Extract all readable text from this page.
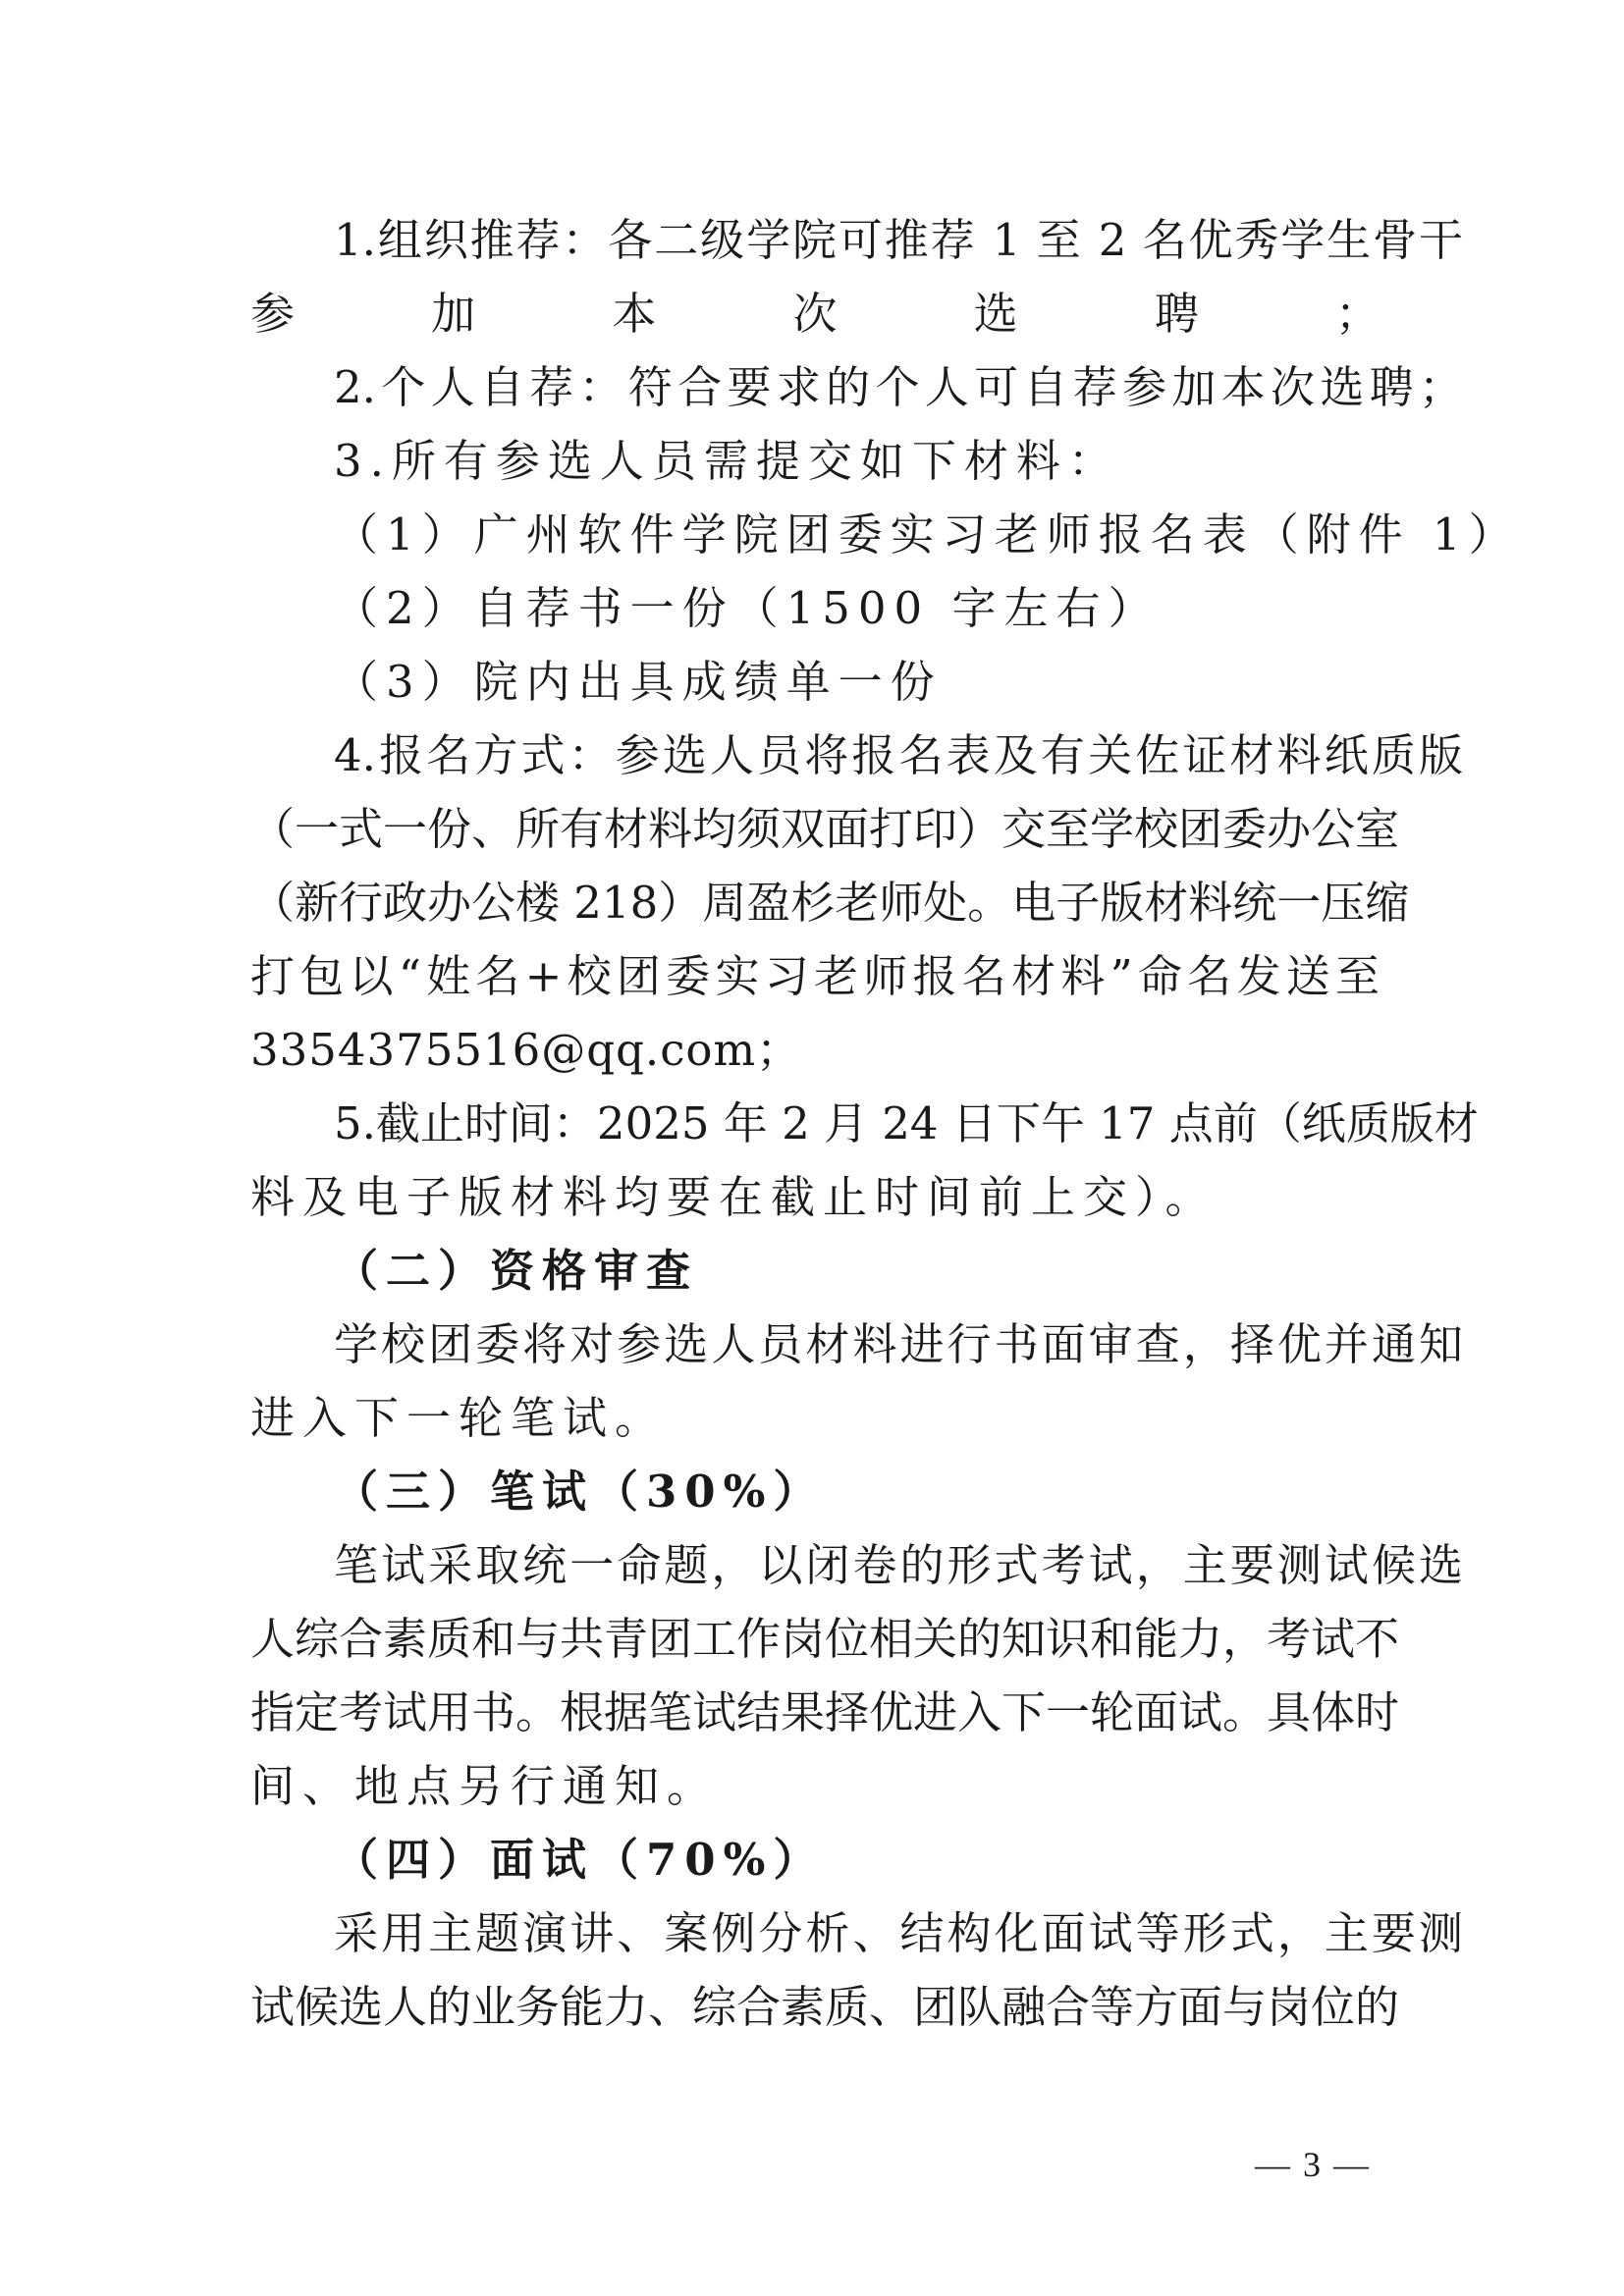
1.组织推荐：各二级学院可推荐 1 至 2 名优秀学生骨干
参加本次选聘；
2.个人自荐：符合要求的个人可自荐参加本次选聘；
3.所有参选人员需提交如下材料：
（1）广州软件学院团委实习老师报名表（附件 1）
（2）自荐书一份（1500 字左右）
（3）院内出具成绩单一份
4.报名方式：参选人员将报名表及有关佐证材料纸质版
（一式一份、所有材料均须双面打印）交至学校团委办公室
（新行政办公楼 218）周盈杉老师处。电子版材料统一压缩
打包以“姓名+校团委实习老师报名材料”命名发送至
3354375516@qq.com；
5.截止时间：2025 年 2 月 24 日下午 17 点前（纸质版材
料及电子版材料均要在截止时间前上交）。
（二）资格审查
学校团委将对参选人员材料进行书面审查，择优并通知
进入下一轮笔试。
（三）笔试（30%）
笔试采取统一命题，以闭卷的形式考试，主要测试候选
人综合素质和与共青团工作岗位相关的知识和能力，考试不
指定考试用书。根据笔试结果择优进入下一轮面试。具体时
间、地点另行通知。
（四）面试（70%）
采用主题演讲、案例分析、结构化面试等形式，主要测
试候选人的业务能力、综合素质、团队融合等方面与岗位的
— 3 —
